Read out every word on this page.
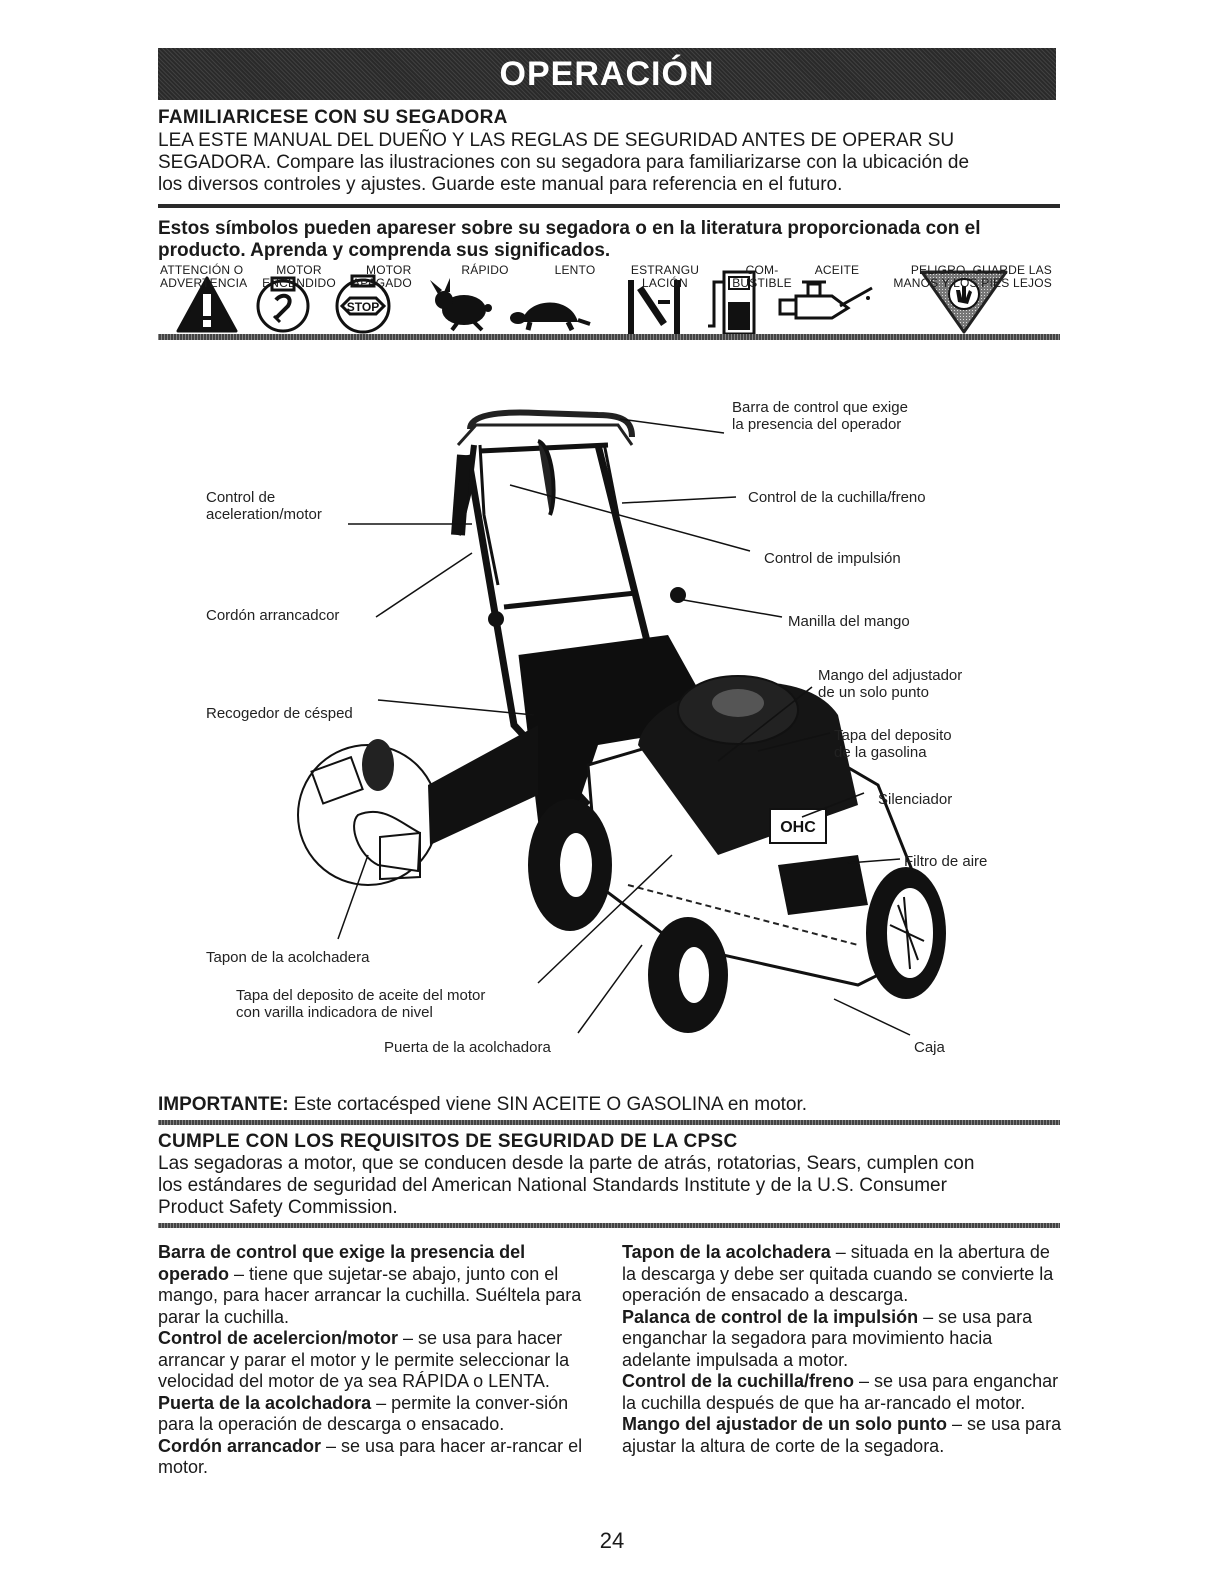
OPERACIÓN
FAMILIARICESE CON SU SEGADORA
LEA ESTE MANUAL DEL DUEÑO Y LAS REGLAS DE SEGURIDAD ANTES DE OPERAR SU
SEGADORA. Compare las ilustraciones con su segadora para familiarizarse con la ubicación de
los diversos controles y ajustes. Guarde este manual para referencia en el futuro.
Estos símbolos pueden apareser sobre su segadora o en la literatura proporcionada con el
producto. Aprenda y comprenda sus significados.
STOP
ATTENCIÓN O
ADVERTENCIA
MOTOR
ENCENDIDO
MOTOR
APAGADO
RÁPIDO	LENTO	ESTRANGU
LACIÓN
COM-
BUSTIBLE
ACEITE	PELIGRO, GUARDE LAS
MANOS Y LOS PIES LEJOS
OHC
Barra de control que exige
la presencia del operador
Control de
aceleration/motor
Control de la cuchilla/freno
Control de impulsión
Cordón arrancadcor	Manilla del mango
Mango del adjustador
de un solo punto
Recogedor de césped
Tapa del deposito
de la gasolina
Silenciador
Filtro de aire
Tapon de la acolchadera
Tapa del deposito de aceite del motor
con varilla indicadora de nivel
Puerta de la acolchadora	Caja
IMPORTANTE: Este cortacésped viene SIN ACEITE O GASOLINA en motor.
CUMPLE CON LOS REQUISITOS DE SEGURIDAD DE LA CPSC
Las segadoras a motor, que se conducen desde la parte de atrás, rotatorias, Sears, cumplen con
los estándares de seguridad del American National Standards Institute y de la U.S. Consumer
Product Safety Commission.

Barra de control que exige la presencia del operado – tiene que sujetar-se abajo, junto con el mango, para hacer arrancar la cuchilla. Suéltela para parar la cuchilla.

Control de acelercion/motor – se usa para hacer arrancar y parar el motor y le permite seleccionar la velocidad del motor de ya sea RÁPIDA o LENTA.

Puerta de la acolchadora – permite la conver-sión para la operación de descarga o ensacado.

Cordón arrancador – se usa para hacer ar-rancar el motor.

Tapon de la acolchadera – situada en la abertura de la descarga y debe ser quitada cuando se convierte la operación de ensacado a descarga.

Palanca de control de la impulsión – se usa para enganchar la segadora para movimiento hacia adelante impulsada a motor.

Control de la cuchilla/freno – se usa para enganchar la cuchilla después de que ha ar-rancado el motor.

Mango del ajustador de un solo punto – se usa para ajustar la altura de corte de la segadora.

24
